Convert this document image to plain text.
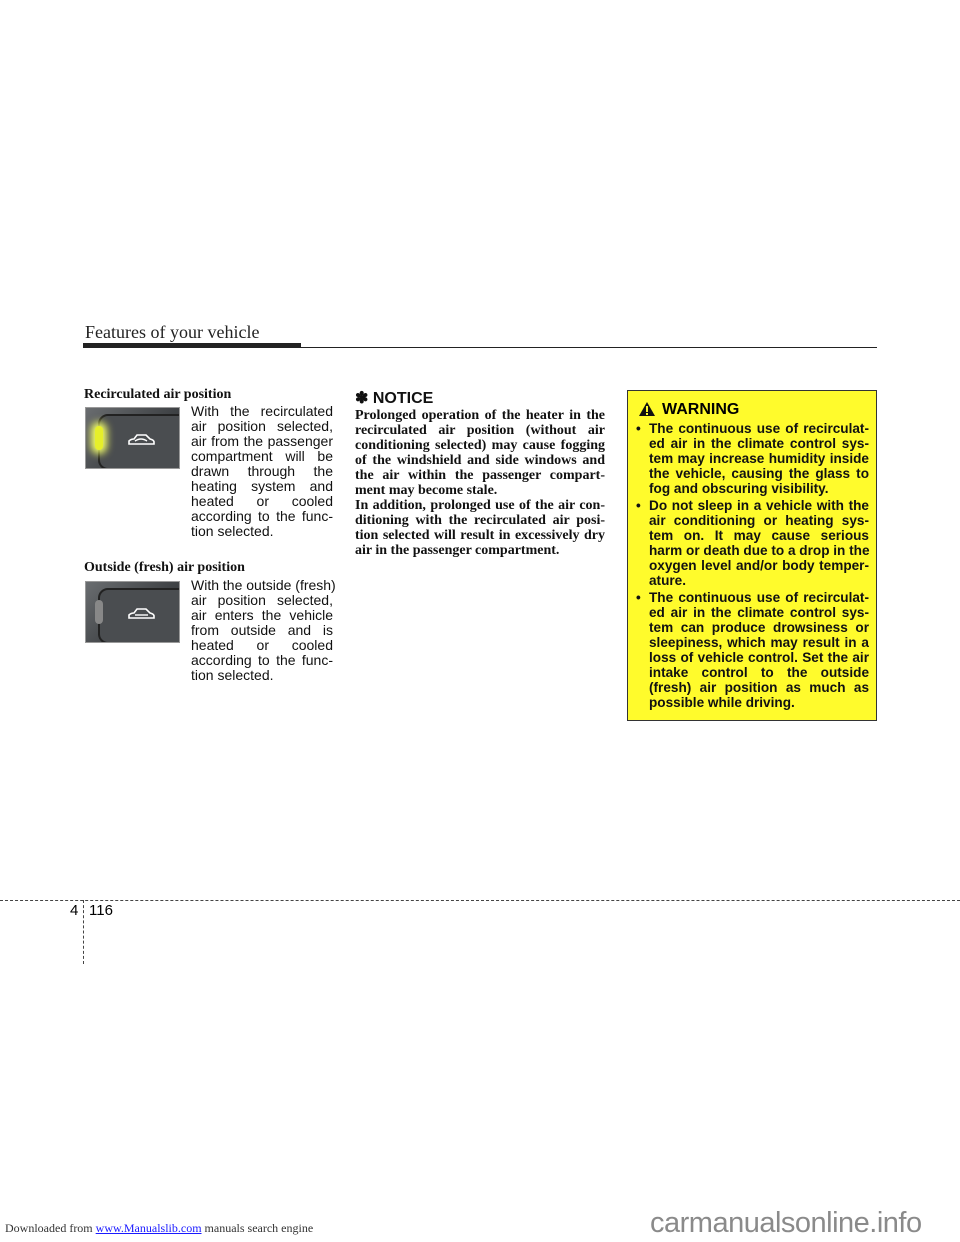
Features of your vehicle
Recirculated air position
With the recirculated
air position selected,
air from the passenger
compartment will be
drawn through the
heating system and
heated or cooled
according to the func-
tion selected.
Outside (fresh) air position
With the outside (fresh)
air position selected,
air enters the vehicle
from outside and is
heated or cooled
according to the func-
tion selected.
✽ NOTICE
Prolonged operation of the heater in the
recirculated air position (without air
conditioning selected) may cause fogging
of the windshield and side windows and
the air within the passenger compart-
ment may become stale.
In addition, prolonged use of the air con-
ditioning with the recirculated air posi-
tion selected will result in excessively dry
air in the passenger compartment.
WARNING
• The continuous use of recirculat-
ed air in the climate control sys-
tem may increase humidity inside
the vehicle, causing the glass to
fog and obscuring visibility.
• Do not sleep in a vehicle with the
air conditioning or heating sys-
tem on. It may cause serious
harm or death due to a drop in the
oxygen level and/or body temper-
ature.
• The continuous use of recirculat-
ed air in the climate control sys-
tem can produce drowsiness or
sleepiness, which may result in a
loss of vehicle control. Set the air
intake control to the outside
(fresh) air position as much as
possible while driving.
4 116
Downloaded from www.Manualslib.com manuals search engine	carmanualsonline.info
